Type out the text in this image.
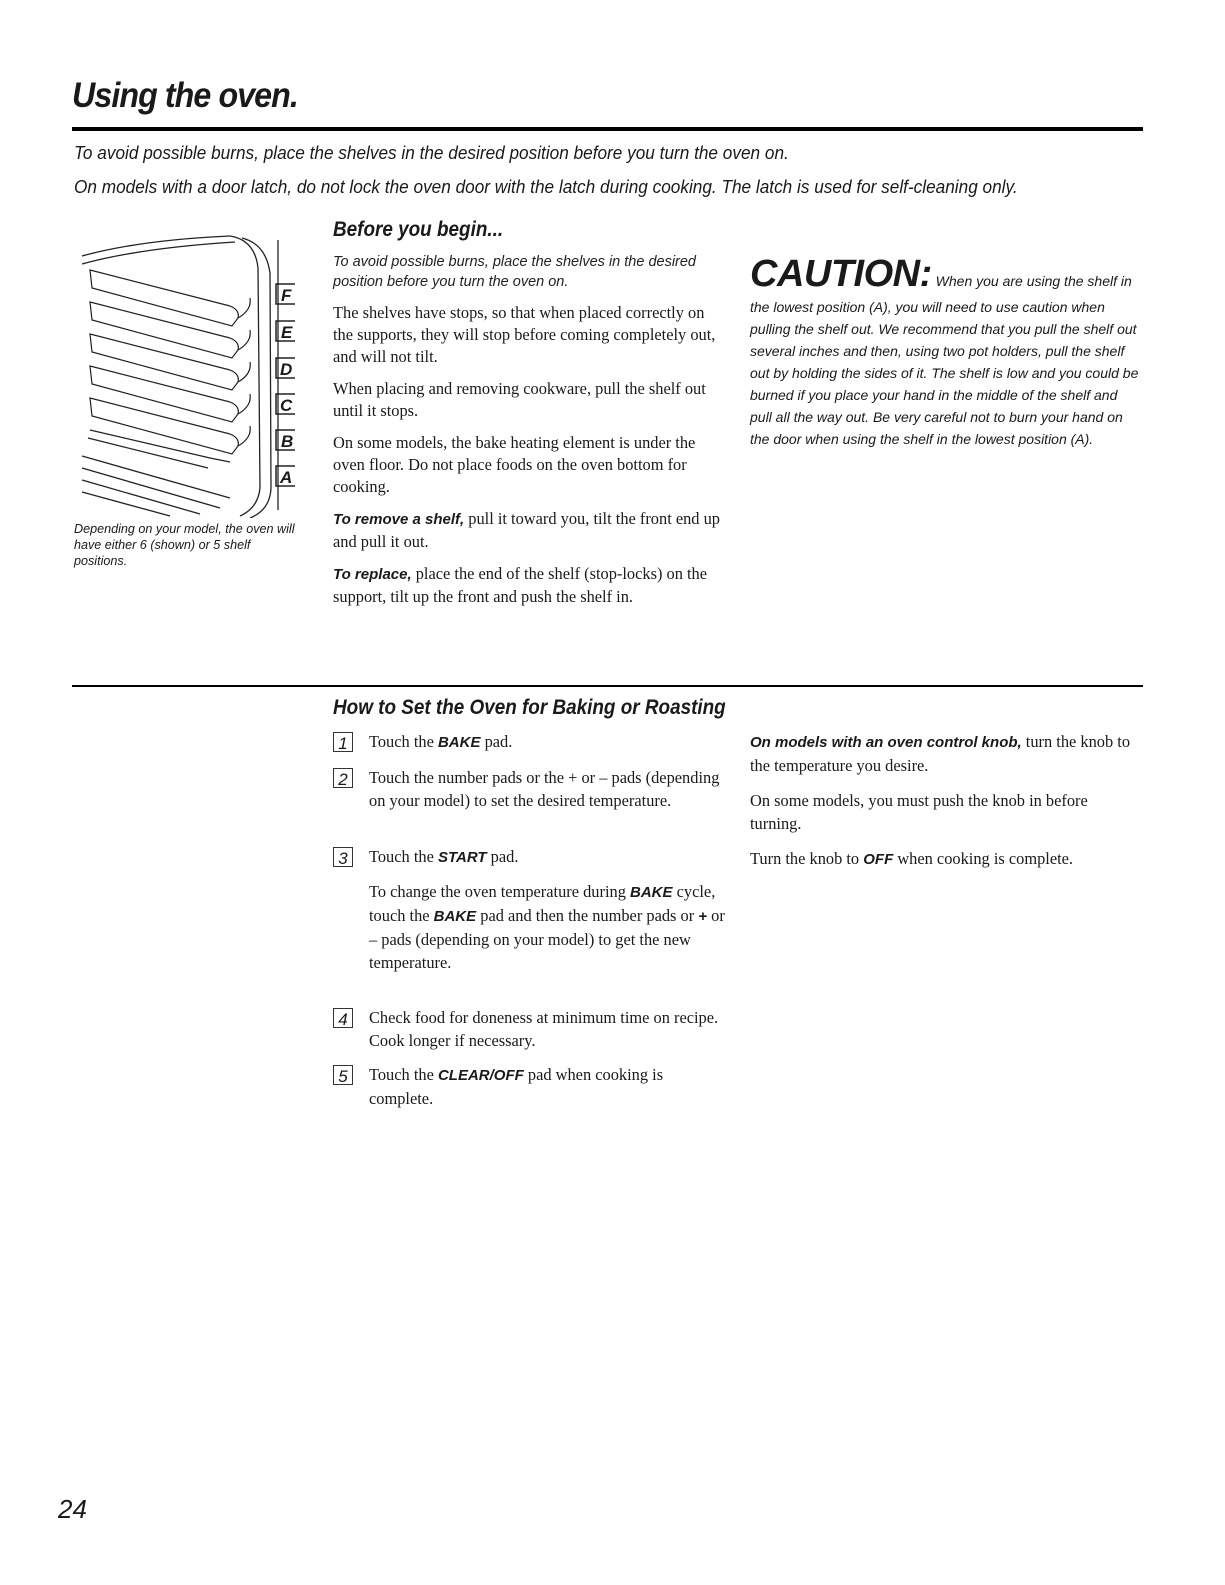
Using the oven.
To avoid possible burns, place the shelves in the desired position before you turn the oven on.
On models with a door latch, do not lock the oven door with the latch during cooking. The latch is used for self-cleaning only.
F
E
D
C
B
A
Depending on your model, the oven will have either 6 (shown) or 5 shelf positions.
Before you begin...

To avoid possible burns, place the shelves in the desired position before you turn the oven on.

The shelves have stops, so that when placed correctly on the supports, they will stop before coming completely out, and will not tilt.

When placing and removing cookware, pull the shelf out until it stops.

On some models, the bake heating element is under the oven floor. Do not place foods on the oven bottom for cooking.

To remove a shelf, pull it toward you, tilt the front end up and pull it out.

To replace, place the end of the shelf (stop-locks) on the support, tilt up the front and push the shelf in.

CAUTION: When you are using the shelf in the lowest position (A), you will need to use caution when pulling the shelf out. We recommend that you pull the shelf out several inches and then, using two pot holders, pull the shelf out by holding the sides of it. The shelf is low and you could be burned if you place your hand in the middle of the shelf and pull all the way out. Be very careful not to burn your hand on the door when using the shelf in the lowest position (A).
How to Set the Oven for Baking or Roasting
1	Touch the BAKE pad.
2	Touch the number pads or the + or – pads (depending on your model) to set the desired temperature.
3	Touch the START pad.
To change the oven temperature during BAKE cycle, touch the BAKE pad and then the number pads or + or – pads (depending on your model) to get the new temperature.
4	Check food for doneness at minimum time on recipe. Cook longer if necessary.
5	Touch the CLEAR/OFF pad when cooking is complete.

On models with an oven control knob, turn the knob to the temperature you desire.

On some models, you must push the knob in before turning.

Turn the knob to OFF when cooking is complete.

24
